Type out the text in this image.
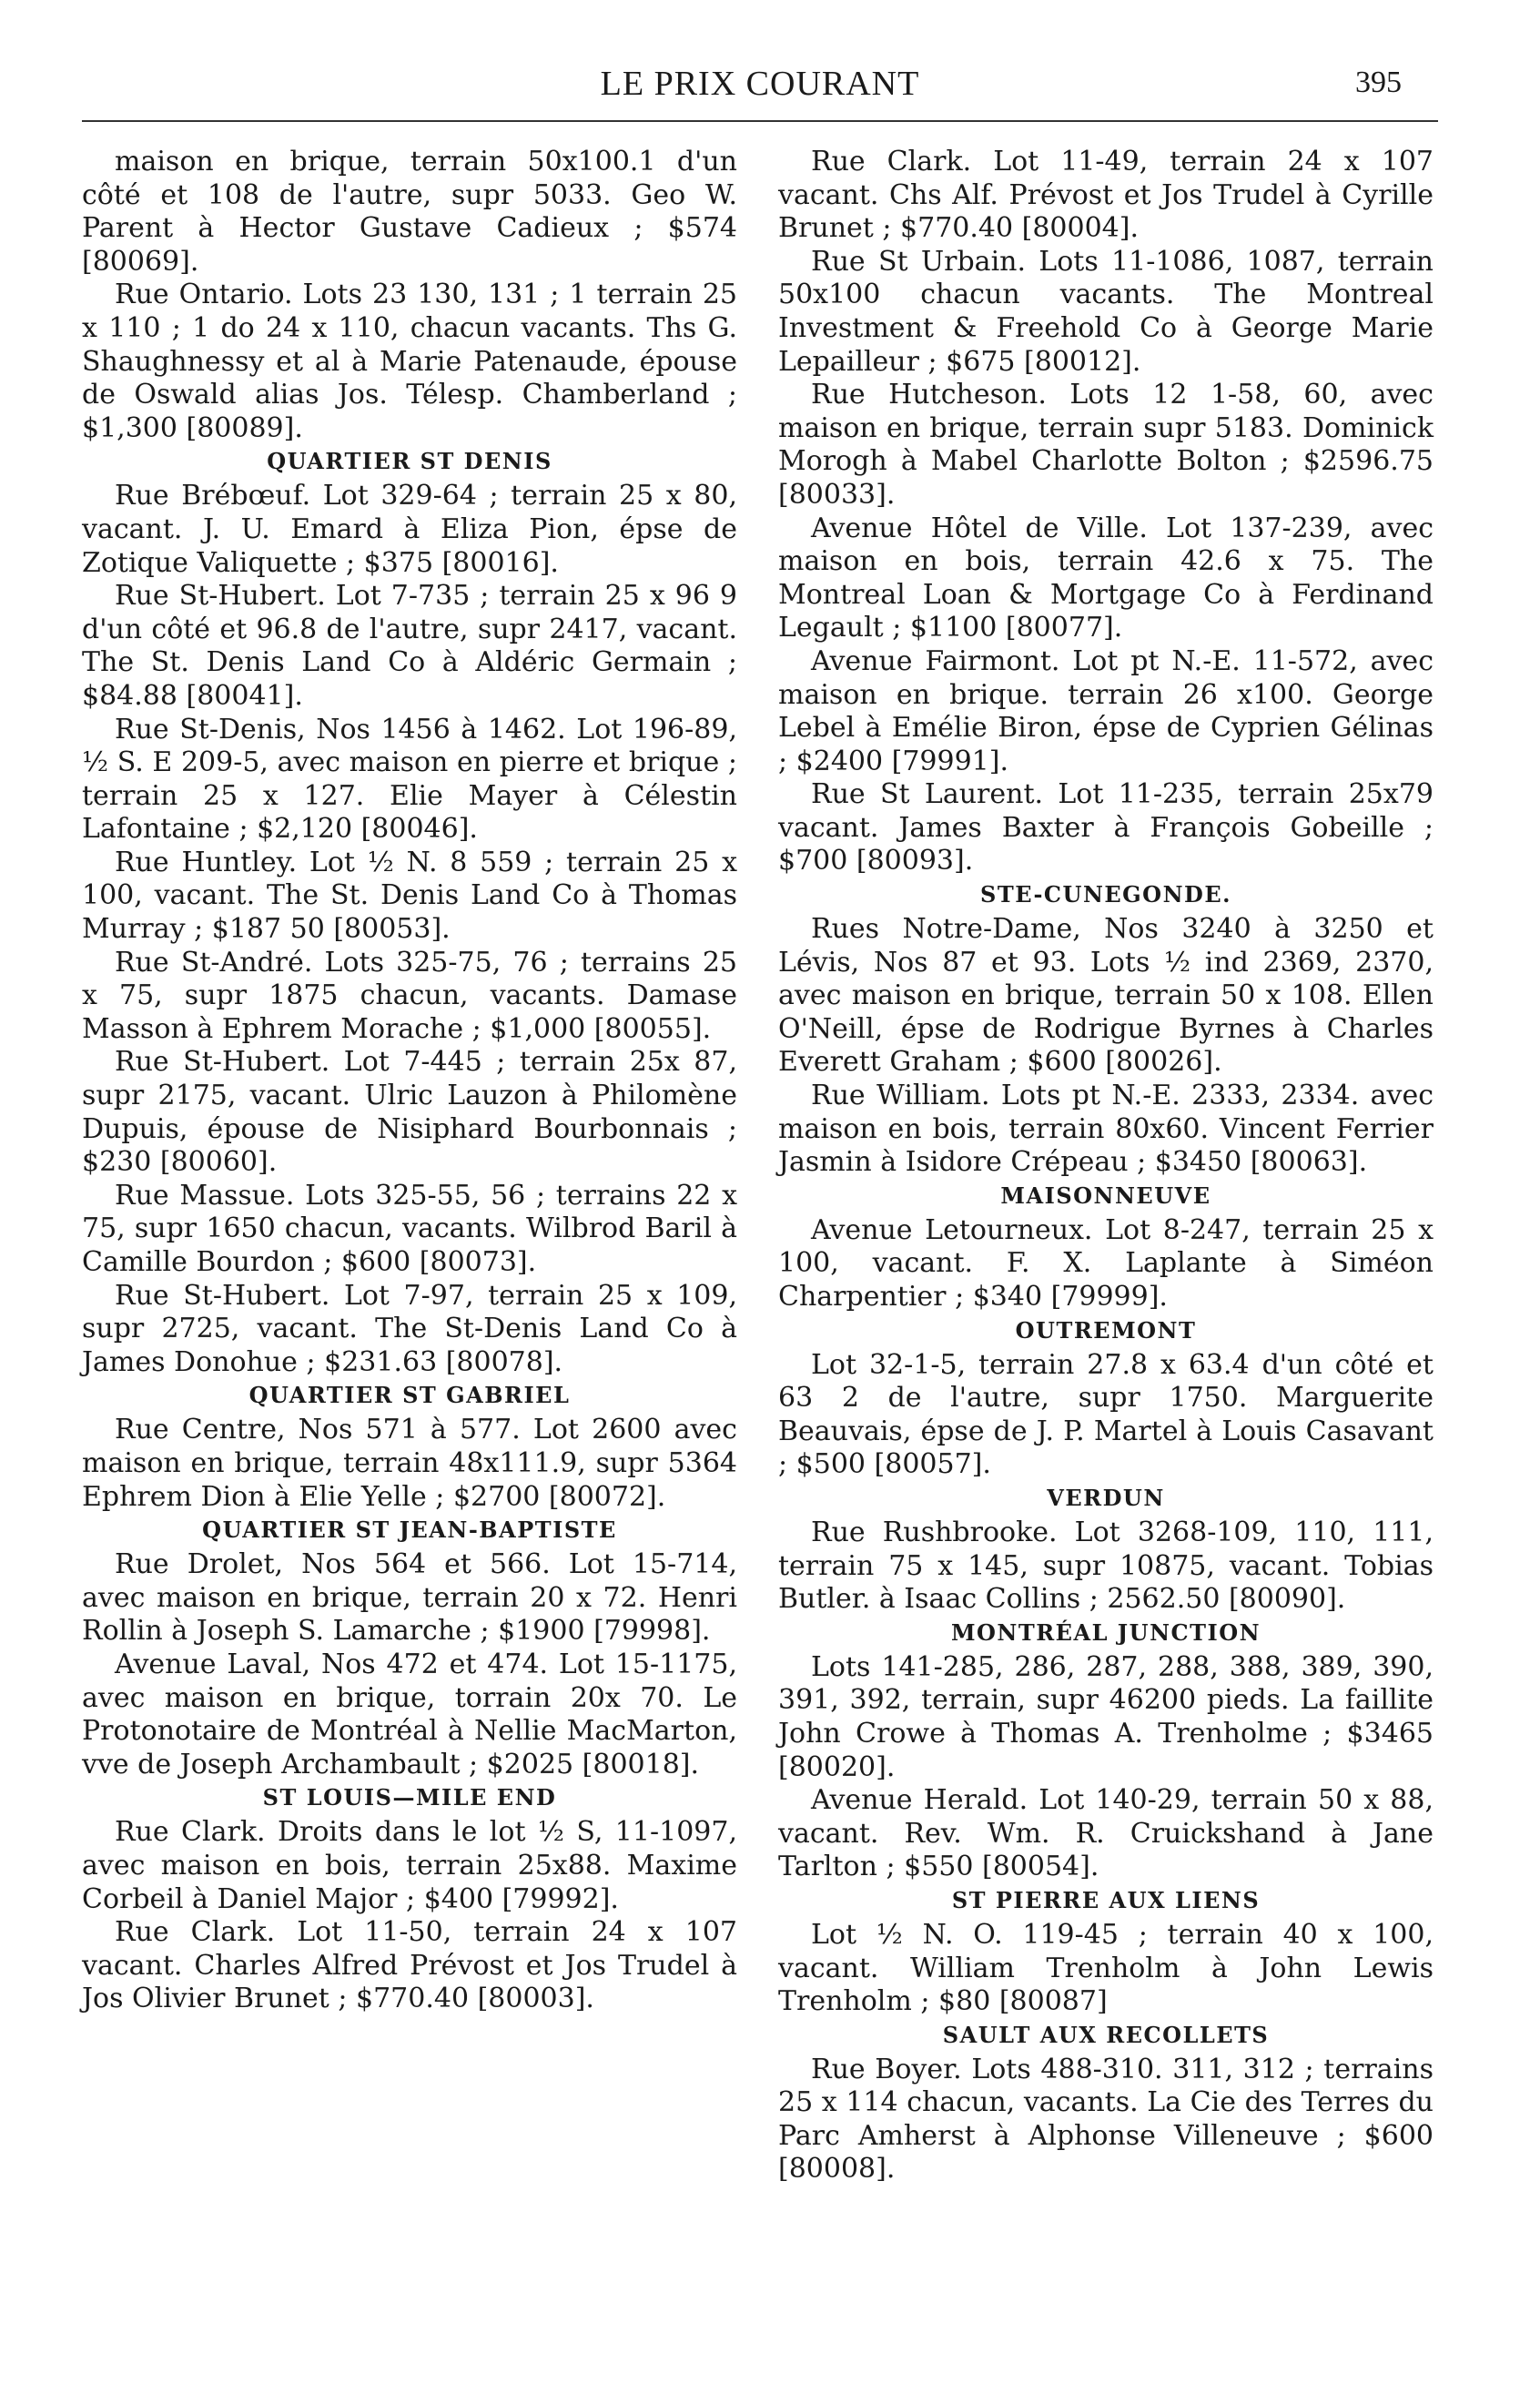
LE PRIX COURANT	395

maison en brique, terrain 50x100.1 d'un côté et 108 de l'autre, supr 5033. Geo W. Parent à Hector Gustave Cadieux ; $574 [80069].

Rue Ontario. Lots 23 130, 131 ; 1 terrain 25 x 110 ; 1 do 24 x 110, chacun vacants. Ths G. Shaughnessy et al à Marie Patenaude, épouse de Oswald alias Jos. Télesp. Chamberland ; $1,300 [80089].

QUARTIER ST DENIS

Rue Brébœuf. Lot 329-64 ; terrain 25 x 80, vacant. J. U. Emard à Eliza Pion, épse de Zotique Valiquette ; $375 [80016].

Rue St-Hubert. Lot 7-735 ; terrain 25 x 96 9 d'un côté et 96.8 de l'autre, supr 2417, vacant. The St. Denis Land Co à Aldéric Germain ; $84.88 [80041].

Rue St-Denis, Nos 1456 à 1462. Lot 196-89, ½ S. E 209-5, avec maison en pierre et brique ; terrain 25 x 127. Elie Mayer à Célestin Lafontaine ; $2,120 [80046].

Rue Huntley. Lot ½ N. 8 559 ; terrain 25 x 100, vacant. The St. Denis Land Co à Thomas Murray ; $187 50 [80053].

Rue St-André. Lots 325-75, 76 ; terrains 25 x 75, supr 1875 chacun, vacants. Damase Masson à Ephrem Morache ; $1,000 [80055].

Rue St-Hubert. Lot 7-445 ; terrain 25x 87, supr 2175, vacant. Ulric Lauzon à Philomène Dupuis, épouse de Nisiphard Bourbonnais ; $230 [80060].

Rue Massue. Lots 325-55, 56 ; terrains 22 x 75, supr 1650 chacun, vacants. Wilbrod Baril à Camille Bourdon ; $600 [80073].

Rue St-Hubert. Lot 7-97, terrain 25 x 109, supr 2725, vacant. The St-Denis Land Co à James Donohue ; $231.63 [80078].

QUARTIER ST GABRIEL

Rue Centre, Nos 571 à 577. Lot 2600 avec maison en brique, terrain 48x111.9, supr 5364 Ephrem Dion à Elie Yelle ; $2700 [80072].

QUARTIER ST JEAN-BAPTISTE

Rue Drolet, Nos 564 et 566. Lot 15-714, avec maison en brique, terrain 20 x 72. Henri Rollin à Joseph S. Lamarche ; $1900 [79998].

Avenue Laval, Nos 472 et 474. Lot 15-1175, avec maison en brique, torrain 20x 70. Le Protonotaire de Montréal à Nellie MacMarton, vve de Joseph Archambault ; $2025 [80018].

ST LOUIS—MILE END

Rue Clark. Droits dans le lot ½ S, 11-1097, avec maison en bois, terrain 25x88. Maxime Corbeil à Daniel Major ; $400 [79992].

Rue Clark. Lot 11-50, terrain 24 x 107 vacant. Charles Alfred Prévost et Jos Trudel à Jos Olivier Brunet ; $770.40 [80003].

Rue Clark. Lot 11-49, terrain 24 x 107 vacant. Chs Alf. Prévost et Jos Trudel à Cyrille Brunet ; $770.40 [80004].

Rue St Urbain. Lots 11-1086, 1087, terrain 50x100 chacun vacants. The Montreal Investment & Freehold Co à George Marie Lepailleur ; $675 [80012].

Rue Hutcheson. Lots 12 1-58, 60, avec maison en brique, terrain supr 5183. Dominick Morogh à Mabel Charlotte Bolton ; $2596.75 [80033].

Avenue Hôtel de Ville. Lot 137-239, avec maison en bois, terrain 42.6 x 75. The Montreal Loan & Mortgage Co à Ferdinand Legault ; $1100 [80077].

Avenue Fairmont. Lot pt N.-E. 11-572, avec maison en brique. terrain 26 x100. George Lebel à Emélie Biron, épse de Cyprien Gélinas ; $2400 [79991].

Rue St Laurent. Lot 11-235, terrain 25x79 vacant. James Baxter à François Gobeille ; $700 [80093].

STE-CUNEGONDE.

Rues Notre-Dame, Nos 3240 à 3250 et Lévis, Nos 87 et 93. Lots ½ ind 2369, 2370, avec maison en brique, terrain 50 x 108. Ellen O'Neill, épse de Rodrigue Byrnes à Charles Everett Graham ; $600 [80026].

Rue William. Lots pt N.-E. 2333, 2334. avec maison en bois, terrain 80x60. Vincent Ferrier Jasmin à Isidore Crépeau ; $3450 [80063].

MAISONNEUVE

Avenue Letourneux. Lot 8-247, terrain 25 x 100, vacant. F. X. Laplante à Siméon Charpentier ; $340 [79999].

OUTREMONT

Lot 32-1-5, terrain 27.8 x 63.4 d'un côté et 63 2 de l'autre, supr 1750. Marguerite Beauvais, épse de J. P. Martel à Louis Casavant ; $500 [80057].

VERDUN

Rue Rushbrooke. Lot 3268-109, 110, 111, terrain 75 x 145, supr 10875, vacant. Tobias Butler. à Isaac Collins ; 2562.50 [80090].

MONTRÉAL JUNCTION

Lots 141-285, 286, 287, 288, 388, 389, 390, 391, 392, terrain, supr 46200 pieds. La faillite John Crowe à Thomas A. Trenholme ; $3465 [80020].

Avenue Herald. Lot 140-29, terrain 50 x 88, vacant. Rev. Wm. R. Cruickshand à Jane Tarlton ; $550 [80054].

ST PIERRE AUX LIENS

Lot ½ N. O. 119-45 ; terrain 40 x 100, vacant. William Trenholm à John Lewis Trenholm ; $80 [80087]

SAULT AUX RECOLLETS

Rue Boyer. Lots 488-310. 311, 312 ; terrains 25 x 114 chacun, vacants. La Cie des Terres du Parc Amherst à Alphonse Villeneuve ; $600 [80008].
